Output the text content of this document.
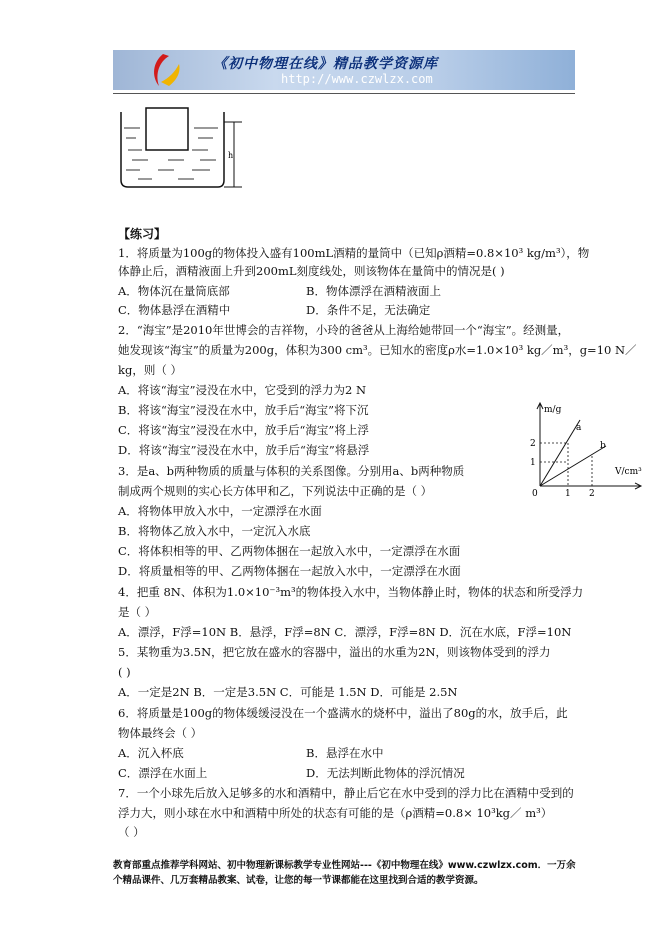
《初中物理在线》精品教学资源库
http://www.czwlzx.com
h
【练习】
1．将质量为100g的物体投入盛有100mL酒精的量筒中（已知ρ酒精=0.8×10³ kg/m³），物
体静止后，酒精液面上升到200mL刻度线处，则该物体在量筒中的情况是( )
A．物体沉在量筒底部	B．物体漂浮在酒精液面上
C．物体悬浮在酒精中	D．条件不足，无法确定
2．“海宝”是2010年世博会的吉祥物，小玲的爸爸从上海给她带回一个“海宝”。经测量，
她发现该“海宝”的质量为200g，体积为300 cm³。已知水的密度ρ水=1.0×10³ kg／m³，g=10 N／
kg，则（ ）
A．将该“海宝”浸没在水中，它受到的浮力为2 N
B．将该“海宝”浸没在水中，放手后“海宝”将下沉
C．将该“海宝”浸没在水中，放手后“海宝”将上浮
D．将该“海宝”浸没在水中，放手后“海宝”将悬浮
m/g
V/cm³
2
1
0	1 2
a
b
3．是a、b两种物质的质量与体积的关系图像。分别用a、b两种物质
制成两个规则的实心长方体甲和乙，下列说法中正确的是（ ）
A．将物体甲放入水中，一定漂浮在水面
B．将物体乙放入水中，一定沉入水底
C．将体积相等的甲、乙两物体捆在一起放入水中，一定漂浮在水面
D．将质量相等的甲、乙两物体捆在一起放入水中，一定漂浮在水面
4．把重 8N、体积为1.0×10⁻³m³的物体投入水中，当物体静止时，物体的状态和所受浮力
是（ ）
A．漂浮，F浮=10N B．悬浮，F浮=8N C．漂浮，F浮=8N D．沉在水底，F浮=10N
5．某物重为3.5N，把它放在盛水的容器中，溢出的水重为2N，则该物体受到的浮力
( )
A．一定是2N B．一定是3.5N C．可能是 1.5N D．可能是 2.5N
6．将质量是100g的物体缓缓浸没在一个盛满水的烧杯中，溢出了80g的水，放手后，此
物体最终会（ ）
A．沉入杯底	B．悬浮在水中
C．漂浮在水面上	D．无法判断此物体的浮沉情况
7．一个小球先后放入足够多的水和酒精中，静止后它在水中受到的浮力比在酒精中受到的
浮力大，则小球在水中和酒精中所处的状态有可能的是（ρ酒精=0.8× 10³kg／ m³）
（ ）
教育部重点推荐学科网站、初中物理新课标教学专业性网站---《初中物理在线》www.czwlzx.com．一万余
个精品课件、几万套精品教案、试卷，让您的每一节课都能在这里找到合适的教学资源。
